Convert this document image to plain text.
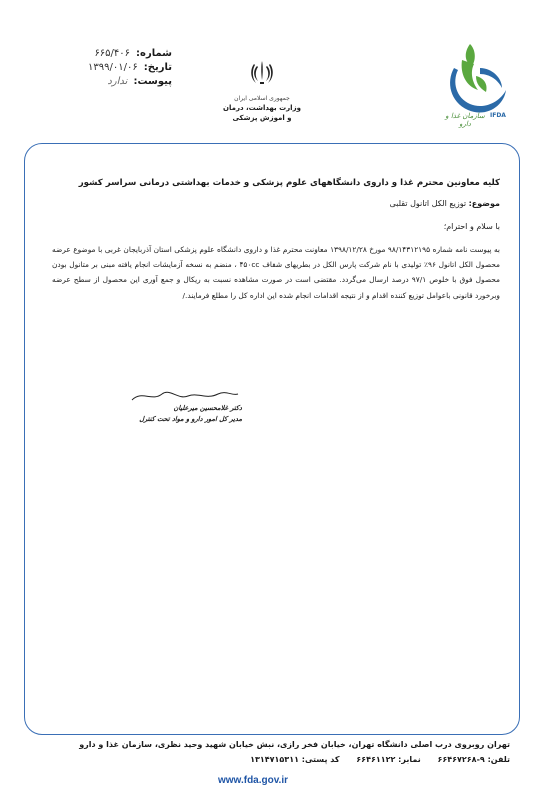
شماره:
۶۶۵/۴۰۶
تاریخ:
۱۳۹۹/۰۱/۰۶
پیوست:
ندارد
جمهوری اسلامی ایران
وزارت بهداشت، درمان
و اموزش پزشکی	سازمان غذا و دارو
IFDA
کلیه معاونین محترم غذا و داروی دانشگاههای علوم پزشکی و خدمات بهداشتی درمانی سراسر کشور
موضوع: توزیع الکل اتانول تقلبی
با سلام و احترام؛

به پیوست نامه شماره ۹۸/۱۴۳۱۲۱۹۵ مورخ ۱۳۹۸/۱۲/۲۸ معاونت محترم غذا و داروی دانشگاه علوم پزشکی استان آذربایجان غربی با موضوع عرضه محصول الکل اتانول ۹۶٪ تولیدی با نام شرکت پارس الکل در بطریهای شفاف ۴۵۰cc ، منضم به نسخه آزمایشات انجام یافته مبنی بر متانول بودن محصول فوق با خلوص ۹۷/۱ درصد ارسال می‌گردد. مقتضی است در صورت مشاهده نسبت به ریکال و جمع آوری این محصول از سطح عرضه وبرخورد قانونی باعوامل توزیع کننده اقدام و از نتیجه اقدامات انجام شده این اداره کل را مطلع فرمایند./

دکتر غلامحسین میرعلیان
مدیر کل امور دارو و مواد تحت کنترل
تهران روبروی درب اصلی دانشگاه تهران، خیابان فخر رازی، نبش خیابان شهید وحید نظری، سازمان غذا و دارو
تلفن: ۹-۶۶۴۶۷۲۶۸ نمابر: ۶۶۴۶۱۱۲۲ کد پستی: ۱۳۱۴۷۱۵۳۱۱
www.fda.gov.ir
